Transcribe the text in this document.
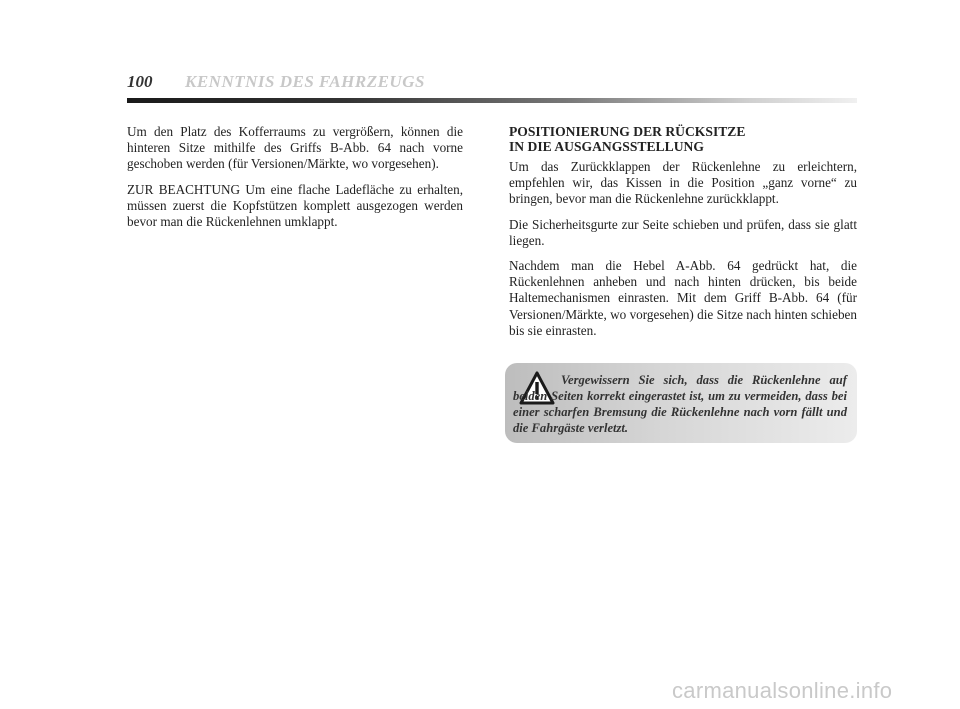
100 KENNTNIS DES FAHRZEUGS

Um den Platz des Kofferraums zu vergrößern, können die hinteren Sitze mithilfe des Griffs B-Abb. 64 nach vorne geschoben werden (für Versionen/Märkte, wo vorgesehen).

ZUR BEACHTUNG Um eine flache Ladefläche zu erhalten, müssen zuerst die Kopfstützen komplett ausgezogen werden bevor man die Rückenlehnen umklappt.

POSITIONIERUNG DER RÜCKSITZE
IN DIE AUSGANGSSTELLUNG

Um das Zurückklappen der Rückenlehne zu erleichtern, empfehlen wir, das Kissen in die Position „ganz vorne“ zu bringen, bevor man die Rückenlehne zurückklappt.

Die Sicherheitsgurte zur Seite schieben und prüfen, dass sie glatt liegen.

Nachdem man die Hebel A-Abb. 64 gedrückt hat, die Rückenlehnen anheben und nach hinten drücken, bis beide Haltemechanismen einrasten. Mit dem Griff B-Abb. 64 (für Versionen/Märkte, wo vorgesehen) die Sitze nach hinten schieben bis sie einrasten.

Vergewissern Sie sich, dass die Rückenlehne auf beiden Seiten korrekt eingerastet ist, um zu vermeiden, dass bei einer scharfen Bremsung die Rückenlehne nach vorn fällt und die Fahrgäste verletzt.
carmanualsonline.info
